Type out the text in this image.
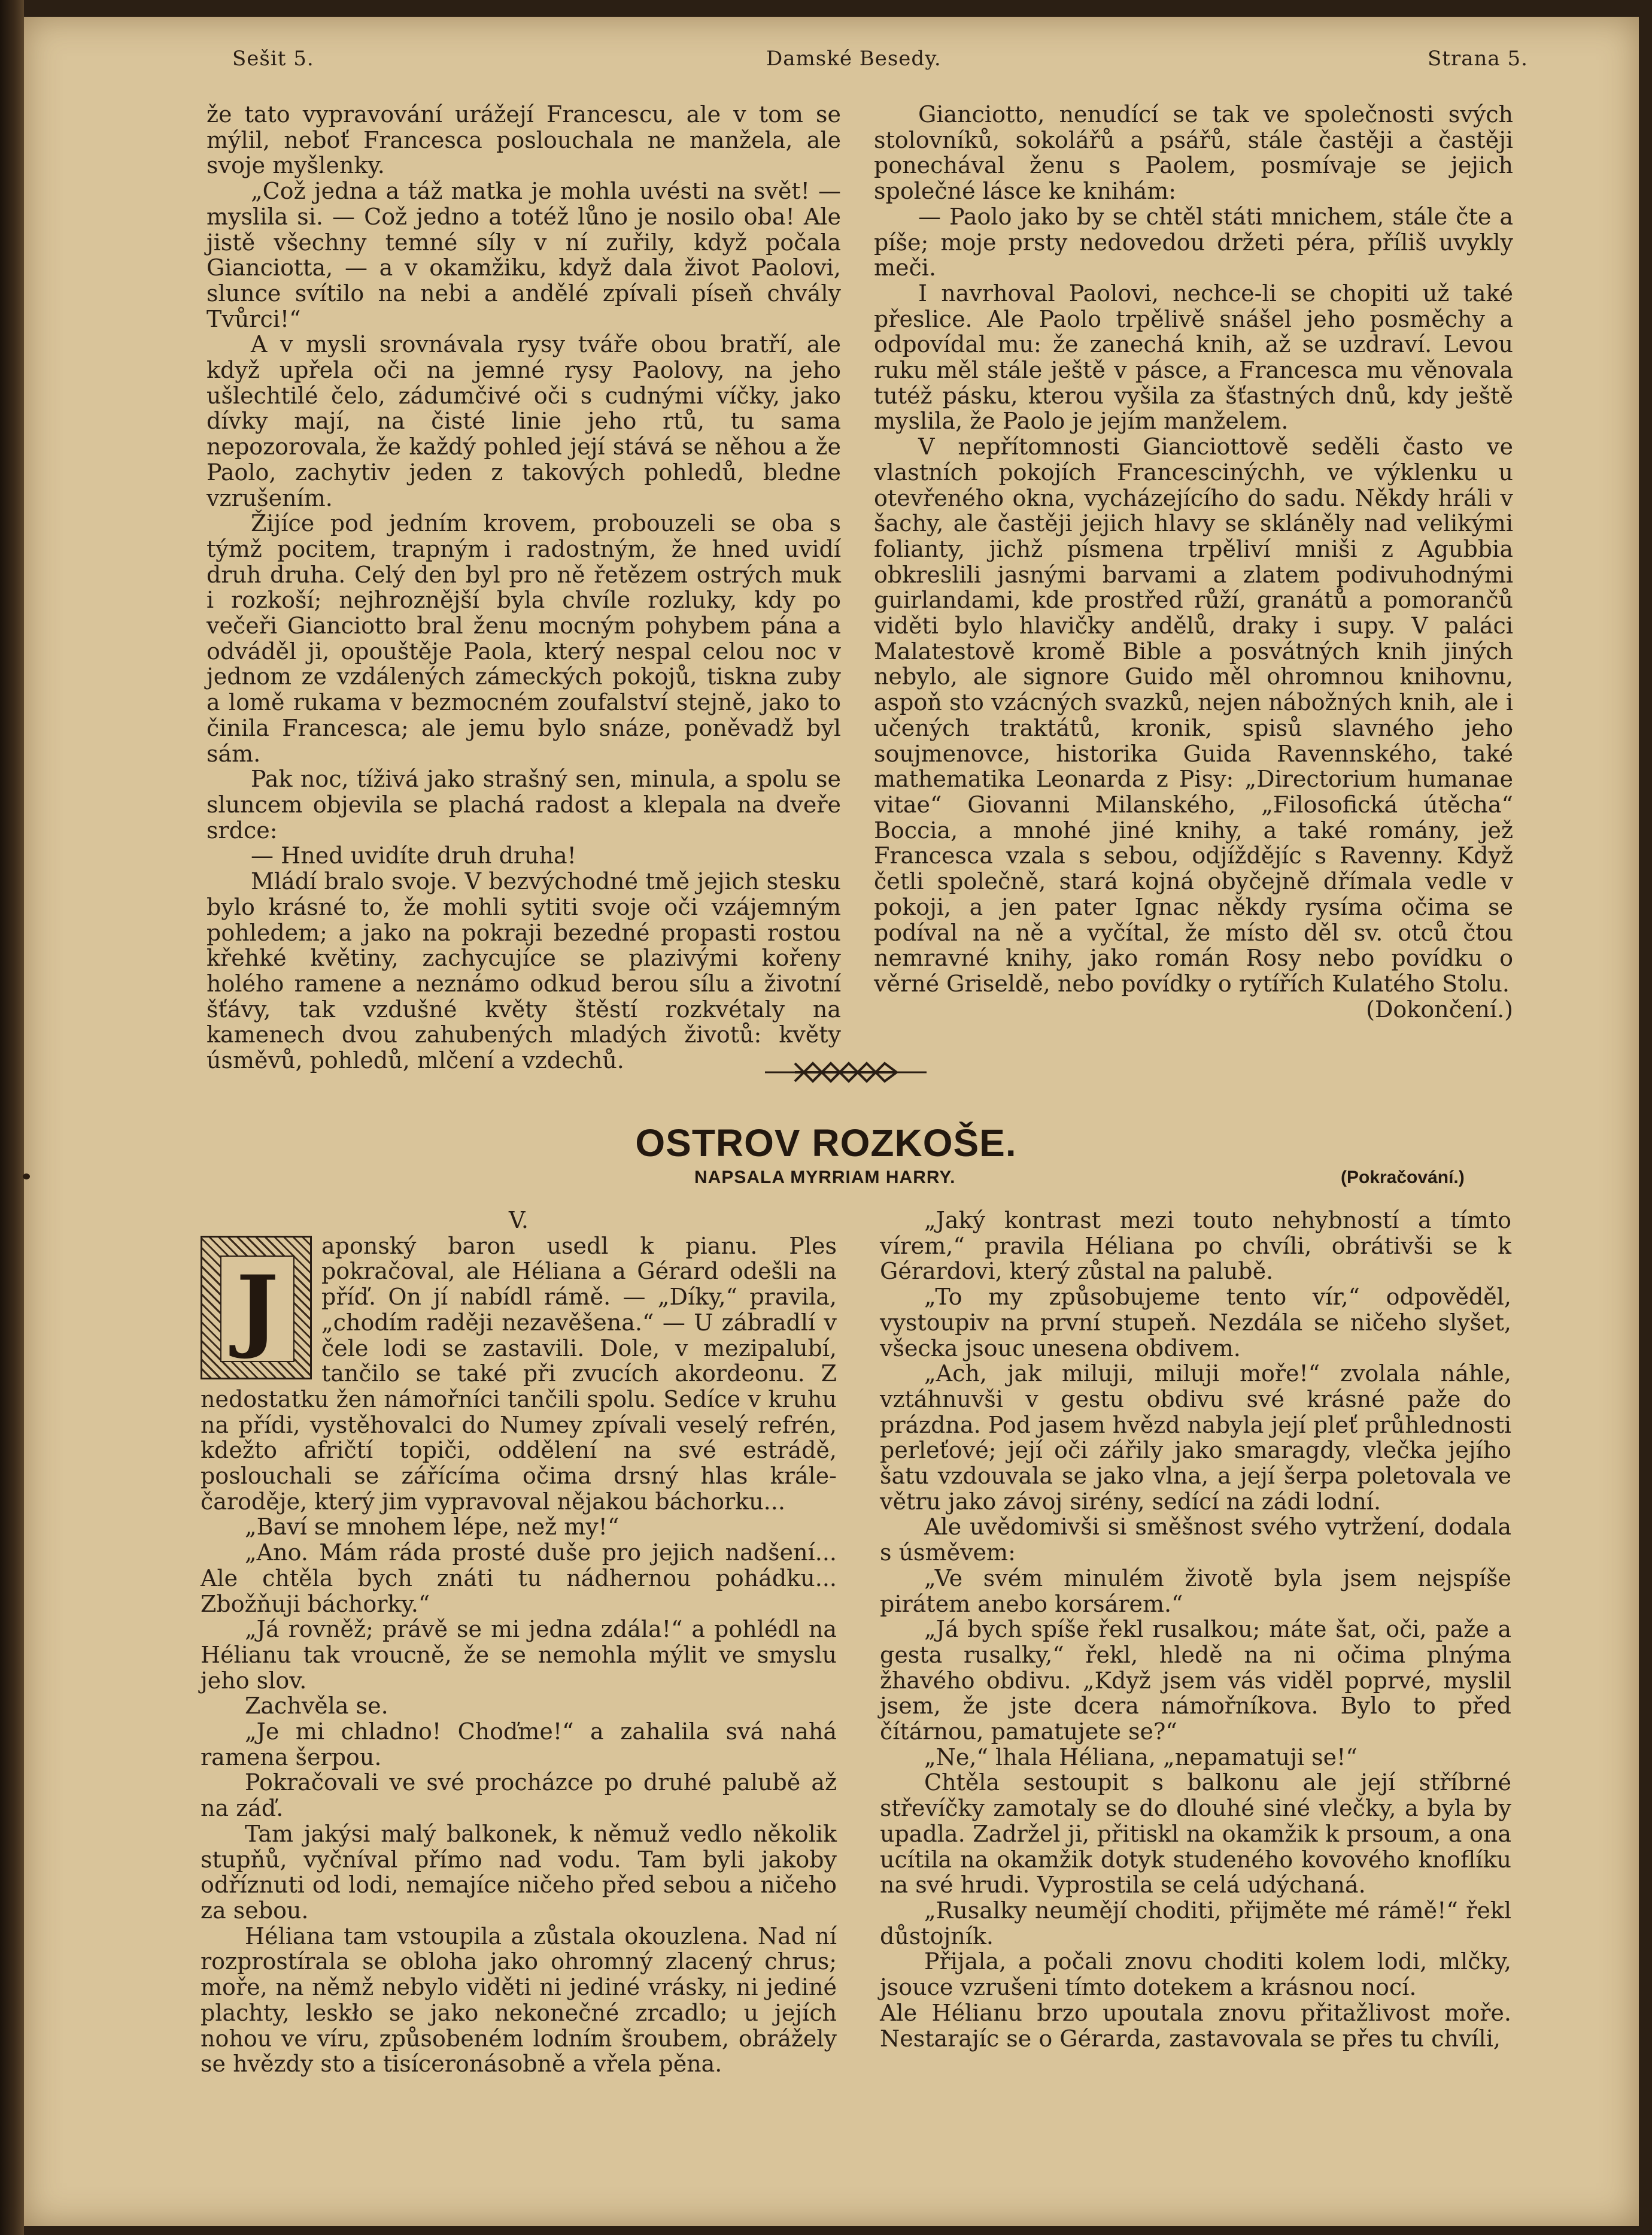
Sešit 5.	Damské Besedy.	Strana 5.

že tato vypravování urážejí Francescu, ale v tom se mýlil, neboť Francesca poslouchala ne manžela, ale svoje myšlenky.

„Což jedna a táž matka je mohla uvésti na svět! — myslila si. — Což jedno a totéž lůno je nosilo oba! Ale jistě všechny temné síly v ní zuřily, když počala Gianciotta, — a v okamžiku, když dala život Paolovi, slunce svítilo na nebi a andělé zpívali píseň chvály Tvůrci!“

A v mysli srovnávala rysy tváře obou bratří, ale když upřela oči na jemné rysy Paolovy, na jeho ušlechtilé čelo, zádumčivé oči s cudnými víčky, jako dívky mají, na čisté linie jeho rtů, tu sama nepozorovala, že každý pohled její stává se něhou a že Paolo, zachytiv jeden z takových pohledů, bledne vzrušením.

Žijíce pod jedním krovem, probouzeli se oba s týmž pocitem, trapným i radostným, že hned uvidí druh druha. Celý den byl pro ně řetězem ostrých muk i rozkoší; nejhroznější byla chvíle rozluky, kdy po večeři Gianciotto bral ženu mocným pohybem pána a odváděl ji, opouštěje Paola, který nespal celou noc v jednom ze vzdálených zámeckých pokojů, tiskna zuby a lomě rukama v bezmocném zoufalství stejně, jako to činila Francesca; ale jemu bylo snáze, poněvadž byl sám.

Pak noc, tíživá jako strašný sen, minula, a spolu se sluncem objevila se plachá radost a klepala na dveře srdce:

— Hned uvidíte druh druha!

Mládí bralo svoje. V bezvýchodné tmě jejich stesku bylo krásné to, že mohli sytiti svoje oči vzájemným pohledem; a jako na pokraji bezedné propasti rostou křehké květiny, zachycujíce se plazivými kořeny holého ramene a neznámo odkud berou sílu a životní šťávy, tak vzdušné květy štěstí rozkvétaly na kamenech dvou zahubených mladých životů: květy úsměvů, pohledů, mlčení a vzdechů.

Gianciotto, nenudící se tak ve společnosti svých stolovníků, sokolářů a psářů, stále častěji a častěji ponechával ženu s Paolem, posmívaje se jejich společné lásce ke knihám:

— Paolo jako by se chtěl státi mnichem, stále čte a píše; moje prsty nedovedou držeti péra, příliš uvykly meči.

I navrhoval Paolovi, nechce-li se chopiti už také přeslice. Ale Paolo trpělivě snášel jeho posměchy a odpovídal mu: že zanechá knih, až se uzdraví. Levou ruku měl stále ještě v pásce, a Francesca mu věnovala tutéž pásku, kterou vyšila za šťastných dnů, kdy ještě myslila, že Paolo je jejím manželem.

V nepřítomnosti Gianciottově seděli často ve vlastních pokojích Francescinýchh, ve výklenku u otevřeného okna, vycházejícího do sadu. Někdy hráli v šachy, ale častěji jejich hlavy se skláněly nad velikými folianty, jichž písmena trpěliví mniši z Agubbia obkreslili jasnými barvami a zlatem podivuhodnými guirlandami, kde prostřed růží, granátů a pomorančů viděti bylo hlavičky andělů, draky i supy. V paláci Malatestově kromě Bible a posvátných knih jiných nebylo, ale signore Guido měl ohromnou knihovnu, aspoň sto vzácných svazků, nejen nábožných knih, ale i učených traktátů, kronik, spisů slavného jeho soujmenovce, historika Guida Ravennského, také mathematika Leonarda z Pisy: „Directorium humanae vitae“ Giovanni Milanského, „Filosofická útěcha“ Boccia, a mnohé jiné knihy, a také romány, jež Francesca vzala s sebou, odjíždějíc s Ravenny. Když četli společně, stará kojná obyčejně dřímala vedle v pokoji, a jen pater Ignac někdy rysíma očima se podíval na ně a vyčítal, že místo děl sv. otců čtou nemravné knihy, jako román Rosy nebo povídku o věrné Griseldě, nebo povídky o rytířích Kulatého Stolu.

(Dokončení.)

OSTROV ROZKOŠE.
NAPSALA MYRRIAM HARRY.	(Pokračování.)

V.

J
aponský baron usedl k pianu. Ples pokračoval, ale Héliana a Gérard odešli na příď. On jí nabídl rámě. — „Díky,“ pravila, „chodím raději nezavěšena.“ — U zábradlí v čele lodi se zastavili. Dole, v mezipalubí, tančilo se také při zvucích akordeonu. Z nedostatku žen námořníci tančili spolu. Sedíce v kruhu na přídi, vystěhovalci do Numey zpívali veselý refrén, kdežto afričtí topiči, oddělení na své estrádě, poslouchali se zářícíma očima drsný hlas krále-čaroděje, který jim vypravoval nějakou báchorku...

„Baví se mnohem lépe, než my!“

„Ano. Mám ráda prosté duše pro jejich nadšení... Ale chtěla bych znáti tu nádhernou pohádku... Zbožňuji báchorky.“

„Já rovněž; právě se mi jedna zdála!“ a pohlédl na Hélianu tak vroucně, že se nemohla mýlit ve smyslu jeho slov.

Zachvěla se.

„Je mi chladno! Choďme!“ a zahalila svá nahá ramena šerpou.

Pokračovali ve své procházce po druhé palubě až na záď.

Tam jakýsi malý balkonek, k němuž vedlo několik stupňů, vyčníval přímo nad vodu. Tam byli jakoby odříznuti od lodi, nemajíce ničeho před sebou a ničeho za sebou.

Héliana tam vstoupila a zůstala okouzlena. Nad ní rozprostírala se obloha jako ohromný zlacený chrus; moře, na němž nebylo viděti ni jediné vrásky, ni jediné plachty, leskło se jako nekonečné zrcadlo; u jejích nohou ve víru, způsobeném lodním šroubem, obrážely se hvězdy sto a tisíceronásobně a vřela pěna.

„Jaký kontrast mezi touto nehybností a tímto vírem,“ pravila Héliana po chvíli, obrátivši se k Gérardovi, který zůstal na palubě.

„To my způsobujeme tento vír,“ odpověděl, vystoupiv na první stupeň. Nezdála se ničeho slyšet, všecka jsouc unesena obdivem.

„Ach, jak miluji, miluji moře!“ zvolala náhle, vztáhnuvši v gestu obdivu své krásné paže do prázdna. Pod jasem hvězd nabyla její pleť průhlednosti perleťové; její oči zářily jako smaragdy, vlečka jejího šatu vzdouvala se jako vlna, a její šerpa poletovala ve větru jako závoj sirény, sedící na zádi lodní.

Ale uvědomivši si směšnost svého vytržení, dodala s úsměvem:

„Ve svém minulém životě byla jsem nejspíše pirátem anebo korsárem.“

„Já bych spíše řekl rusalkou; máte šat, oči, paže a gesta rusalky,“ řekl, hledě na ni očima plnýma žhavého obdivu. „Když jsem vás viděl poprvé, myslil jsem, že jste dcera námořníkova. Bylo to před čítárnou, pamatujete se?“

„Ne,“ lhala Héliana, „nepamatuji se!“

Chtěla sestoupit s balkonu ale její stříbrné střevíčky zamotaly se do dlouhé siné vlečky, a byla by upadla. Zadržel ji, přitiskl na okamžik k prsoum, a ona ucítila na okamžik dotyk studeného kovového knoflíku na své hrudi. Vyprostila se celá udýchaná.

„Rusalky neumějí choditi, přijměte mé rámě!“ řekl důstojník.

Přijala, a počali znovu choditi kolem lodi, mlčky, jsouce vzrušeni tímto dotekem a krásnou nocí.

Ale Hélianu brzo upoutala znovu přitažlivost moře. Nestarajíc se o Gérarda, zastavovala se přes tu chvíli,
